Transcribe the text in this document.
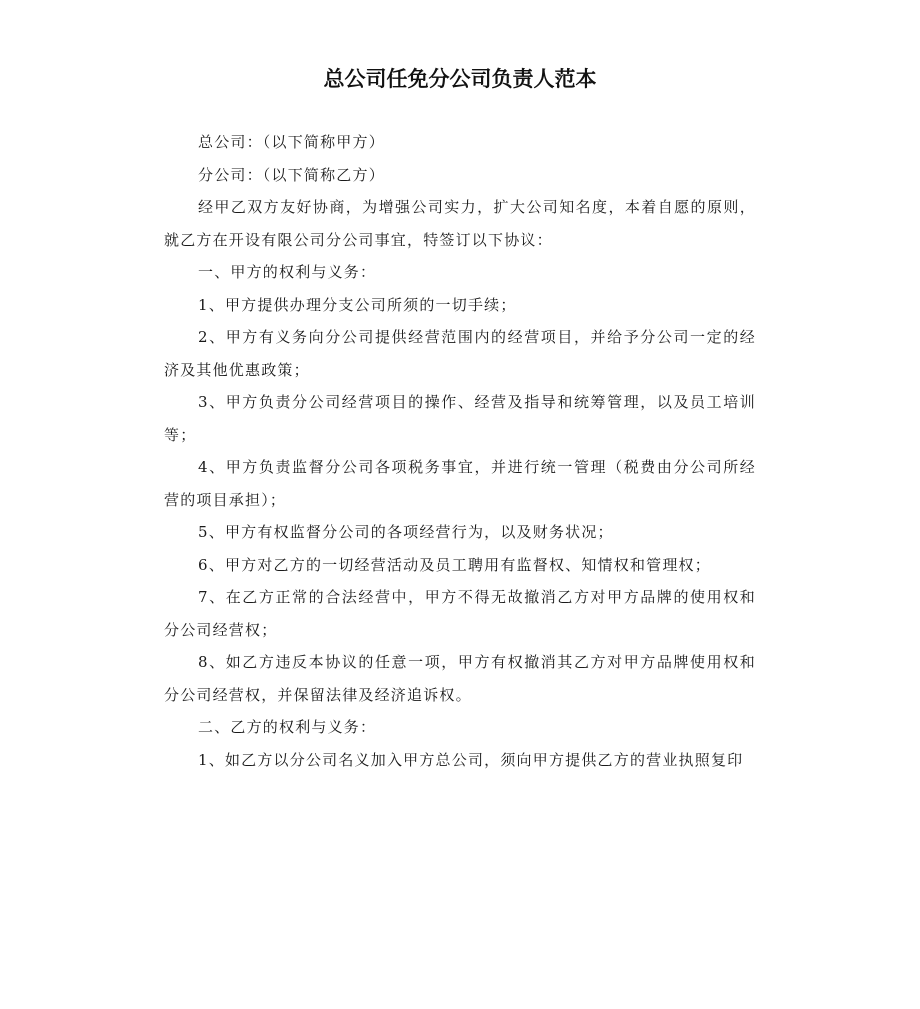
总公司任免分公司负责人范本

总公司：（以下简称甲方）

分公司：（以下简称乙方）

经甲乙双方友好协商，为增强公司实力，扩大公司知名度，本着自愿的原则，就乙方在开设有限公司分公司事宜，特签订以下协议：

一、甲方的权利与义务：

1、甲方提供办理分支公司所须的一切手续；

2、甲方有义务向分公司提供经营范围内的经营项目，并给予分公司一定的经济及其他优惠政策；

3、甲方负责分公司经营项目的操作、经营及指导和统筹管理，以及员工培训等；

4、甲方负责监督分公司各项税务事宜，并进行统一管理（税费由分公司所经营的项目承担）；

5、甲方有权监督分公司的各项经营行为，以及财务状况；

6、甲方对乙方的一切经营活动及员工聘用有监督权、知情权和管理权；

7、在乙方正常的合法经营中，甲方不得无故撤消乙方对甲方品牌的使用权和分公司经营权；

8、如乙方违反本协议的任意一项，甲方有权撤消其乙方对甲方品牌使用权和分公司经营权，并保留法律及经济追诉权。

二、乙方的权利与义务：

1、如乙方以分公司名义加入甲方总公司，须向甲方提供乙方的营业执照复印
